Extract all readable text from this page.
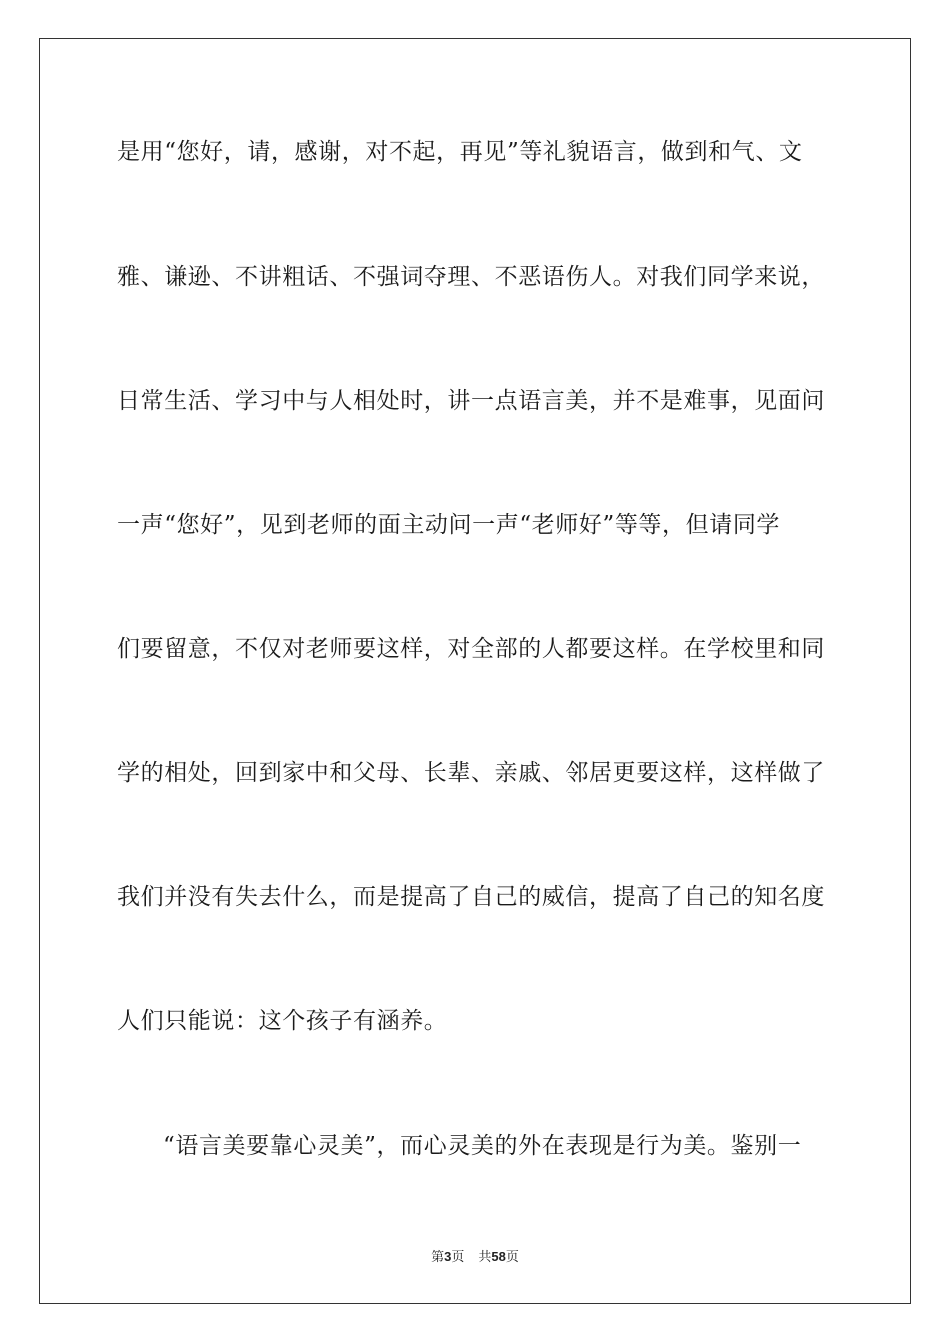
是用“您好，请，感谢，对不起，再见”等礼貌语言，做到和气、文
雅、谦逊、不讲粗话、不强词夺理、不恶语伤人。对我们同学来说，
日常生活、学习中与人相处时，讲一点语言美，并不是难事，见面问
一声“您好”，见到老师的面主动问一声“老师好”等等，但请同学
们要留意，不仅对老师要这样，对全部的人都要这样。在学校里和同
学的相处，回到家中和父母、长辈、亲戚、邻居更要这样，这样做了
我们并没有失去什么，而是提高了自己的威信，提高了自己的知名度
人们只能说：这个孩子有涵养。
“语言美要靠心灵美”，而心灵美的外在表现是行为美。鉴别一
第3页 共58页
